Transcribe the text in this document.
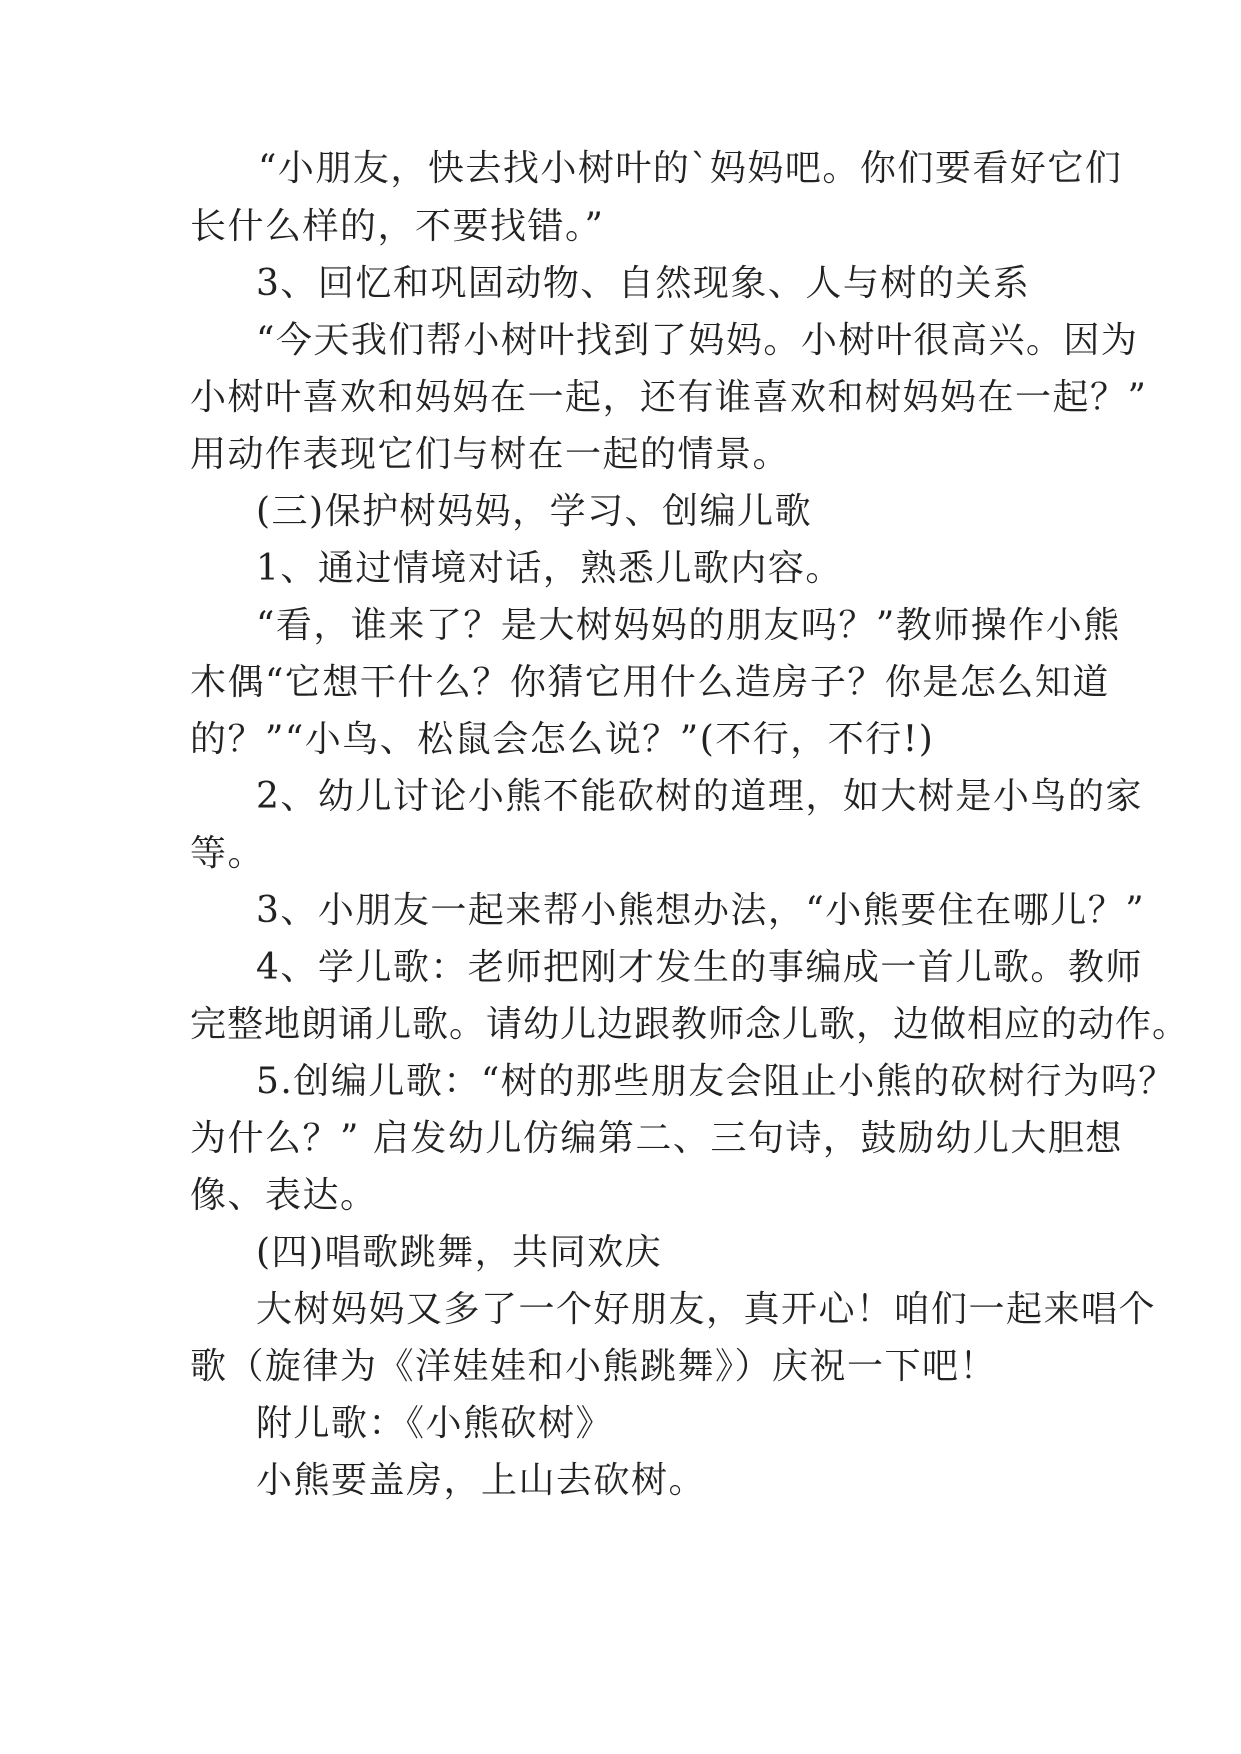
“小朋友，快去找小树叶的`妈妈吧。你们要看好它们
长什么样的，不要找错。”
3、回忆和巩固动物、自然现象、人与树的关系
“今天我们帮小树叶找到了妈妈。小树叶很高兴。因为
小树叶喜欢和妈妈在一起，还有谁喜欢和树妈妈在一起？”
用动作表现它们与树在一起的情景。
(三)保护树妈妈，学习、创编儿歌
1、通过情境对话，熟悉儿歌内容。
“看，谁来了？是大树妈妈的朋友吗？”教师操作小熊
木偶“它想干什么？你猜它用什么造房子？你是怎么知道
的？”“小鸟、松鼠会怎么说？”(不行，不行!)
2、幼儿讨论小熊不能砍树的道理，如大树是小鸟的家
等。
3、小朋友一起来帮小熊想办法，“小熊要住在哪儿？”
4、学儿歌：老师把刚才发生的事编成一首儿歌。教师
完整地朗诵儿歌。请幼儿边跟教师念儿歌，边做相应的动作。
5.创编儿歌：“树的那些朋友会阻止小熊的砍树行为吗？
为什么？” 启发幼儿仿编第二、三句诗，鼓励幼儿大胆想
像、表达。
(四)唱歌跳舞，共同欢庆
大树妈妈又多了一个好朋友，真开心！咱们一起来唱个
歌（旋律为《洋娃娃和小熊跳舞》）庆祝一下吧！
附儿歌：《小熊砍树》
小熊要盖房，上山去砍树。
